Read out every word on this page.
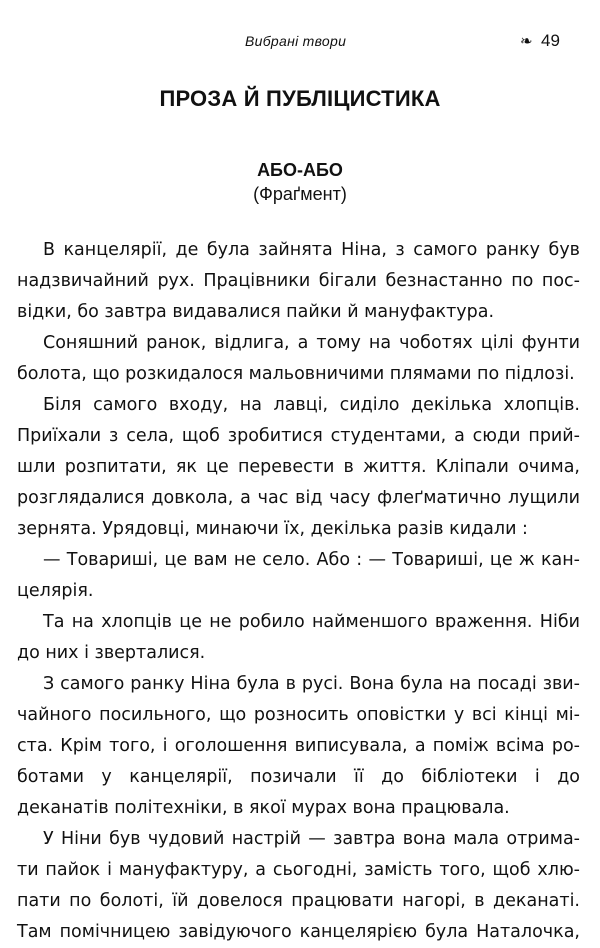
Вибрані твори	❧ 49
ПРОЗА Й ПУБЛІЦИСТИКА
АБО-АБО
(Фраґмент)
В канцелярії, де була зайнята Ніна, з самого ранку був
надзвичайний рух. Працівники бігали безнастанно по пос-
відки, бо завтра видавалися пайки й мануфактура.
Соняшний ранок, відлига, а тому на чоботях цілі фунти
болота, що розкидалося мальовничими плямами по підлозі.
Біля самого входу, на лавці, сиділо декілька хлопців.
Приїхали з села, щоб зробитися студентами, а сюди прий-
шли розпитати, як це перевести в життя. Кліпали очима,
розглядалися довкола, а час від часу флеґматично лущили
зернята. Урядовці, минаючи їх, декілька разів кидали :
— Товариші, це вам не село. Або : — Товариші, це ж кан-
целярія.
Та на хлопців це не робило найменшого враження. Ніби
до них і зверталися.
З самого ранку Ніна була в русі. Вона була на посаді зви-
чайного посильного, що розносить оповістки у всі кінці мі-
ста. Крім того, і оголошення виписувала, а поміж всіма ро-
ботами у канцелярії, позичали її до бібліотеки і до
деканатів політехніки, в якої мурах вона працювала.
У Ніни був чудовий настрій — завтра вона мала отрима-
ти пайок і мануфактуру, а сьогодні, замість того, щоб хлю-
пати по болоті, їй довелося працювати нагорі, в деканаті.
Там помічницею завідуючого канцелярією була Наталочка,
